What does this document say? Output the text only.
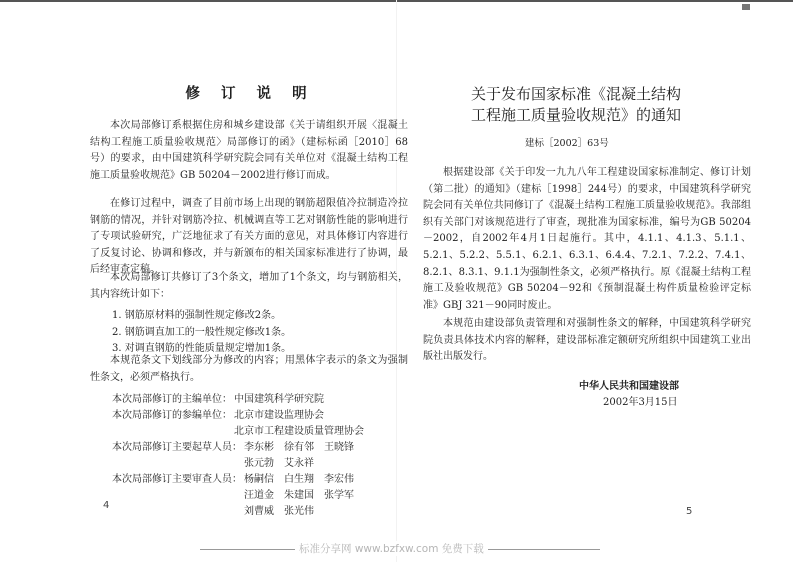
修 订 说 明
本次局部修订系根据住房和城乡建设部《关于请组织开展〈混凝土结构工程施工质量验收规范〉局部修订的函》（建标标函［2010］68号）的要求，由中国建筑科学研究院会同有关单位对《混凝土结构工程施工质量验收规范》GB 50204－2002进行修订而成。
在修订过程中，调查了目前市场上出现的钢筋超限值冷拉制造冷拉钢筋的情况，并针对钢筋冷拉、机械调直等工艺对钢筋性能的影响进行了专项试验研究，广泛地征求了有关方面的意见，对具体修订内容进行了反复讨论、协调和修改，并与新颁布的相关国家标准进行了协调，最后经审查定稿。
本次局部修订共修订了3个条文，增加了1个条文，均与钢筋相关，其内容统计如下：
1. 钢筋原材料的强制性规定修改2条。
2. 钢筋调直加工的一般性规定修改1条。
3. 对调直钢筋的性能质量规定增加1条。
本规范条文下划线部分为修改的内容；用黑体字表示的条文为强制性条文，必须严格执行。
本次局部修订的主编单位： 中国建筑科学研究院
本次局部修订的参编单位： 北京市建设监理协会
北京市工程建设质量管理协会
本次局部修订主要起草人员： 李东彬　徐有邻　王晓锋
张元勃　艾永祥
本次局部修订主要审查人员： 杨嗣信　白生翔　李宏伟
汪道金　朱建国　张学军
刘曹威　张光伟
4
关于发布国家标准《混凝土结构
工程施工质量验收规范》的通知
根据建设部《关于印发一九九八年工程建设国家标准制定、修订计划（第二批）的通知》（建标［1998］244号）的要求，中国建筑科学研究院会同有关单位共同修订了《混凝土结构工程施工质量验收规范》。我部组织有关部门对该规范进行了审查，现批准为国家标准，编号为GB 50204－2002，自2002年4月1日起施行。其中，4.1.1、4.1.3、5.1.1、5.2.1、5.2.2、5.5.1、6.2.1、6.3.1、6.4.4、7.2.1、7.2.2、7.4.1、8.2.1、8.3.1、9.1.1为强制性条文，必须严格执行。原《混凝土结构工程施工及验收规范》GB 50204－92和《预制混凝土构件质量检验评定标准》GBJ 321－90同时废止。
本规范由建设部负责管理和对强制性条文的解释，中国建筑科学研究院负责具体技术内容的解释，建设部标准定额研究所组织中国建筑工业出版社出版发行。
建标［2002］63号
中华人民共和国建设部
2002年3月15日
5
标准分享网 www.bzfxw.com 免费下载
